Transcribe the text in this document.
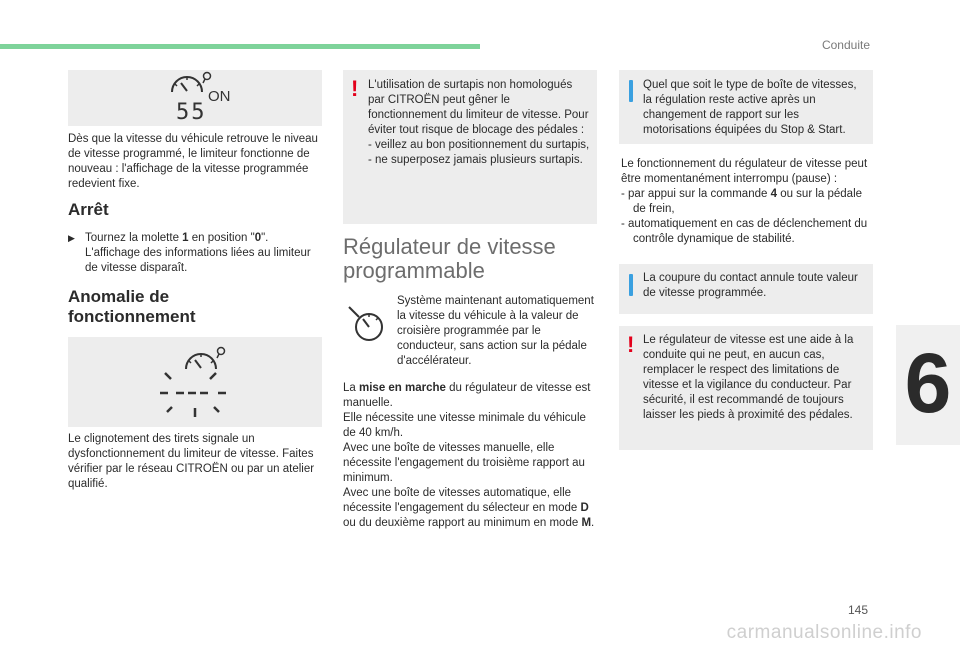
Conduite
6
ON
55
Dès que la vitesse du véhicule retrouve le niveau de vitesse programmé, le limiteur fonctionne de nouveau : l'affichage de la vitesse programmée redevient fixe.
Arrêt
▶ Tournez la molette 1 en position "0".
L'affichage des informations liées au limiteur de vitesse disparaît.
Anomalie de
fonctionnement
Le clignotement des tirets signale un dysfonctionnement du limiteur de vitesse. Faites vérifier par le réseau CITROËN ou par un atelier qualifié.
! L'utilisation de surtapis non homologués par CITROËN peut gêner le fonctionnement du limiteur de vitesse. Pour éviter tout risque de blocage des pédales :
- veillez au bon positionnement du surtapis,
- ne superposez jamais plusieurs surtapis.
Régulateur de vitesse
programmable
Système maintenant automatiquement la vitesse du véhicule à la valeur de croisière programmée par le conducteur, sans action sur la pédale d'accélérateur.
La mise en marche du régulateur de vitesse est manuelle.
Elle nécessite une vitesse minimale du véhicule de 40 km/h.
Avec une boîte de vitesses manuelle, elle nécessite l'engagement du troisième rapport au minimum.
Avec une boîte de vitesses automatique, elle nécessite l'engagement du sélecteur en mode D ou du deuxième rapport au minimum en mode M.
Quel que soit le type de boîte de vitesses, la régulation reste active après un changement de rapport sur les motorisations équipées du Stop & Start.
Le fonctionnement du régulateur de vitesse peut être momentanément interrompu (pause) :
- par appui sur la commande 4 ou sur la pédale de frein,
- automatiquement en cas de déclenchement du contrôle dynamique de stabilité.
La coupure du contact annule toute valeur de vitesse programmée.
! Le régulateur de vitesse est une aide à la conduite qui ne peut, en aucun cas, remplacer le respect des limitations de vitesse et la vigilance du conducteur. Par sécurité, il est recommandé de toujours laisser les pieds à proximité des pédales.
145
carmanualsonline.info
